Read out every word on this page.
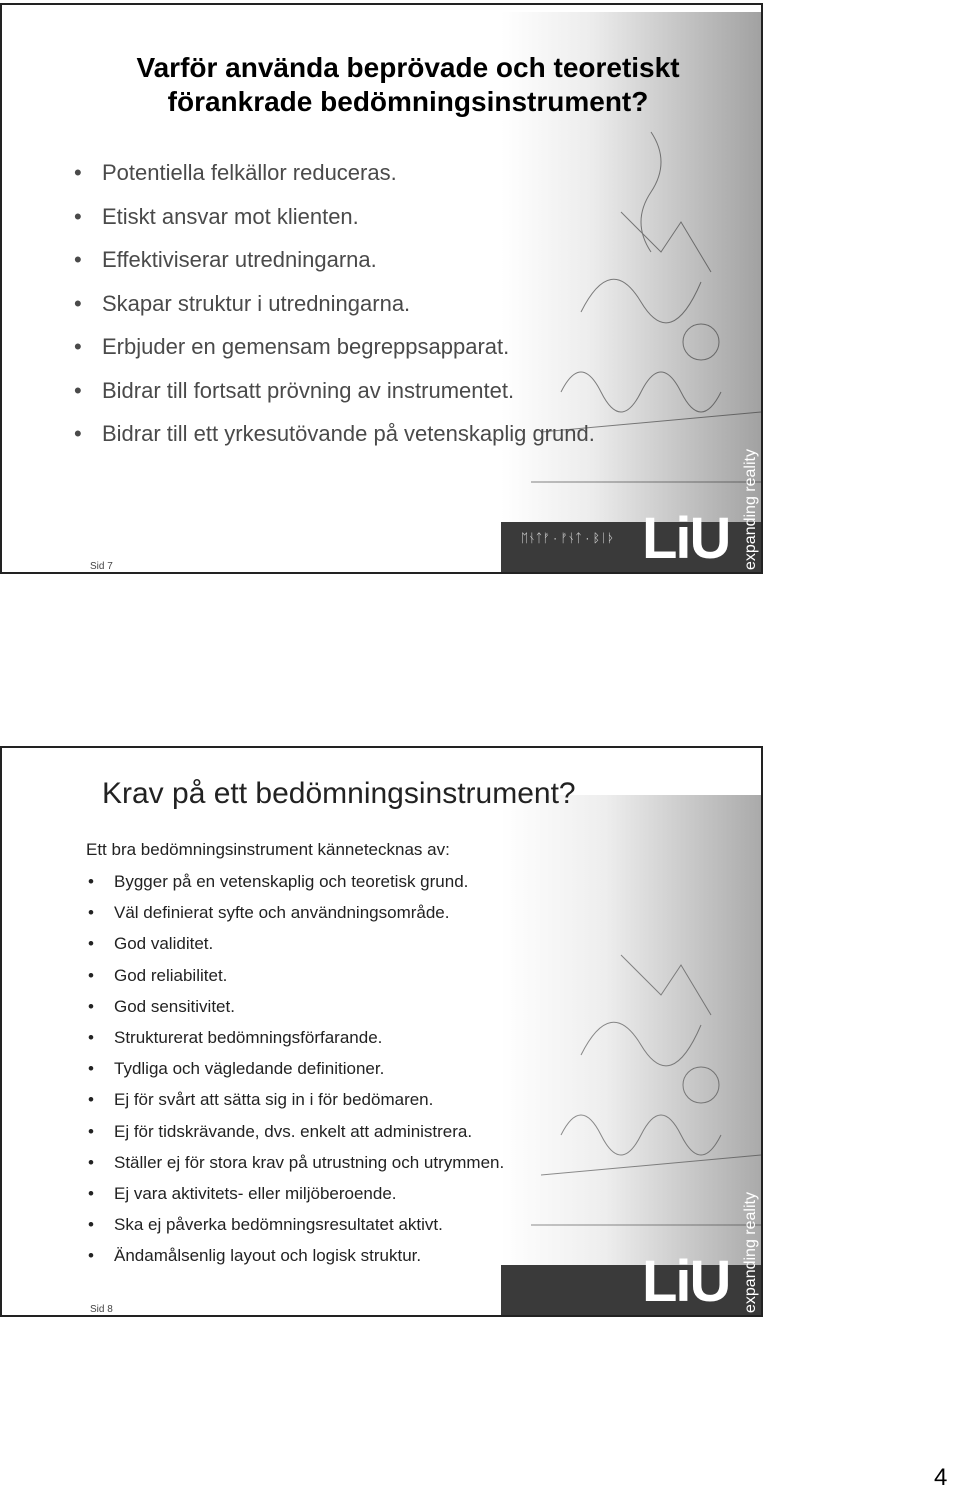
ᛖᚾᛏᚠ · ᚠᚾᛏ · ᛒᛁᚦ LiU expanding reality
Varför använda beprövade och teoretiskt
förankrade bedömningsinstrument?
• Potentiella felkällor reduceras.
• Etiskt ansvar mot klienten.
• Effektiviserar utredningarna.
• Skapar struktur i utredningarna.
• Erbjuder en gemensam begreppsapparat.
• Bidrar till fortsatt prövning av instrumentet.
• Bidrar till ett yrkesutövande på vetenskaplig grund.
Sid 7
LiU expanding reality
Krav på ett bedömningsinstrument?
Ett bra bedömningsinstrument kännetecknas av:
• Bygger på en vetenskaplig och teoretisk grund.
• Väl definierat syfte och användningsområde.
• God validitet.
• God reliabilitet.
• God sensitivitet.
• Strukturerat bedömningsförfarande.
• Tydliga och vägledande definitioner.
• Ej för svårt att sätta sig in i för bedömaren.
• Ej för tidskrävande, dvs. enkelt att administrera.
• Ställer ej för stora krav på utrustning och utrymmen.
• Ej vara aktivitets- eller miljöberoende.
• Ska ej påverka bedömningsresultatet aktivt.
• Ändamålsenlig layout och logisk struktur.
Sid 8
4
